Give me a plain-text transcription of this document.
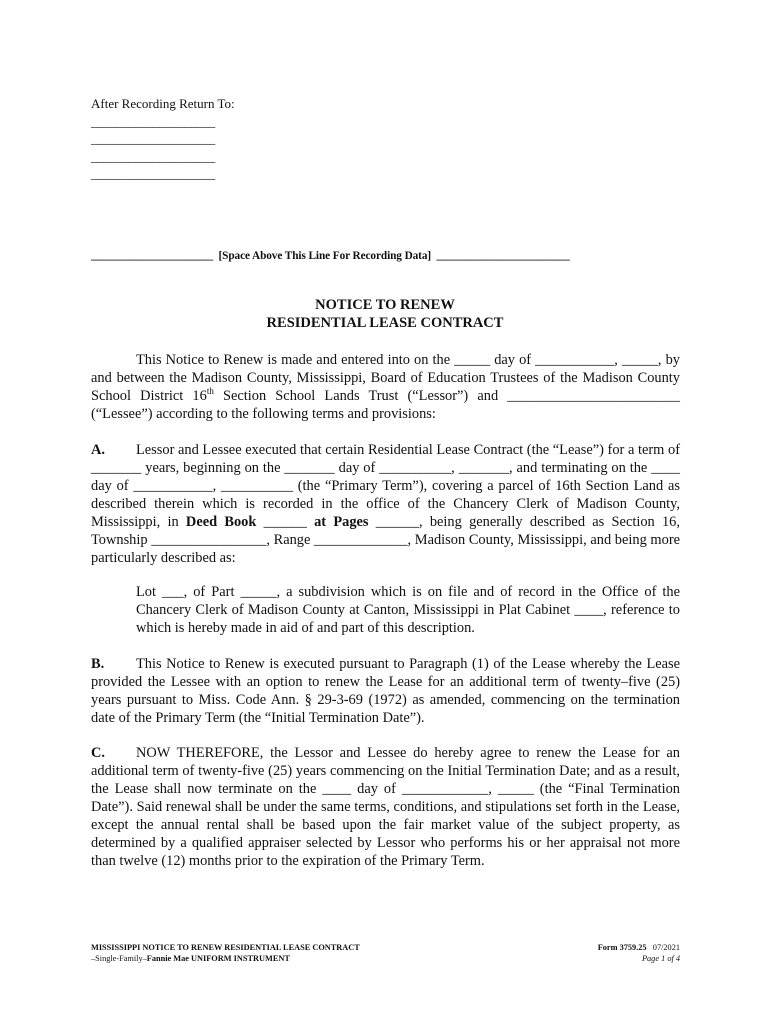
After Recording Return To:
____________________
____________________
____________________
____________________
______________________  [Space Above This Line For Recording Data]  ________________________
NOTICE TO RENEW
RESIDENTIAL LEASE CONTRACT
This Notice to Renew is made and entered into on the _____ day of ___________, _____, by and between the Madison County, Mississippi, Board of Education Trustees of the Madison County School District 16th Section School Lands Trust (“Lessor”) and ________________________ (“Lessee”) according to the following terms and provisions:
A. Lessor and Lessee executed that certain Residential Lease Contract (the “Lease”) for a term of _______ years, beginning on the _______ day of __________, _______, and terminating on the ____ day of ___________, __________ (the “Primary Term”), covering a parcel of 16th Section Land as described therein which is recorded in the office of the Chancery Clerk of Madison County, Mississippi, in Deed Book ______ at Pages ______, being generally described as Section 16, Township ________________, Range _____________, Madison County, Mississippi, and being more particularly described as:
Lot ___, of Part _____, a subdivision which is on file and of record in the Office of the Chancery Clerk of Madison County at Canton, Mississippi in Plat Cabinet ____, reference to which is hereby made in aid of and part of this description.
B. This Notice to Renew is executed pursuant to Paragraph (1) of the Lease whereby the Lease provided the Lessee with an option to renew the Lease for an additional term of twenty–five (25) years pursuant to Miss. Code Ann. § 29-3-69 (1972) as amended, commencing on the termination date of the Primary Term (the “Initial Termination Date”).
C. NOW THEREFORE, the Lessor and Lessee do hereby agree to renew the Lease for an additional term of twenty-five (25) years commencing on the Initial Termination Date; and as a result, the Lease shall now terminate on the ____ day of ____________, _____ (the “Final Termination Date”). Said renewal shall be under the same terms, conditions, and stipulations set forth in the Lease, except the annual rental shall be based upon the fair market value of the subject property, as determined by a qualified appraiser selected by Lessor who performs his or her appraisal not more than twelve (12) months prior to the expiration of the Primary Term.
MISSISSIPPI NOTICE TO RENEW RESIDENTIAL LEASE CONTRACT
–Single-Family–Fannie Mae UNIFORM INSTRUMENT
Form 3759.25 07/2021
Page 1 of 4
